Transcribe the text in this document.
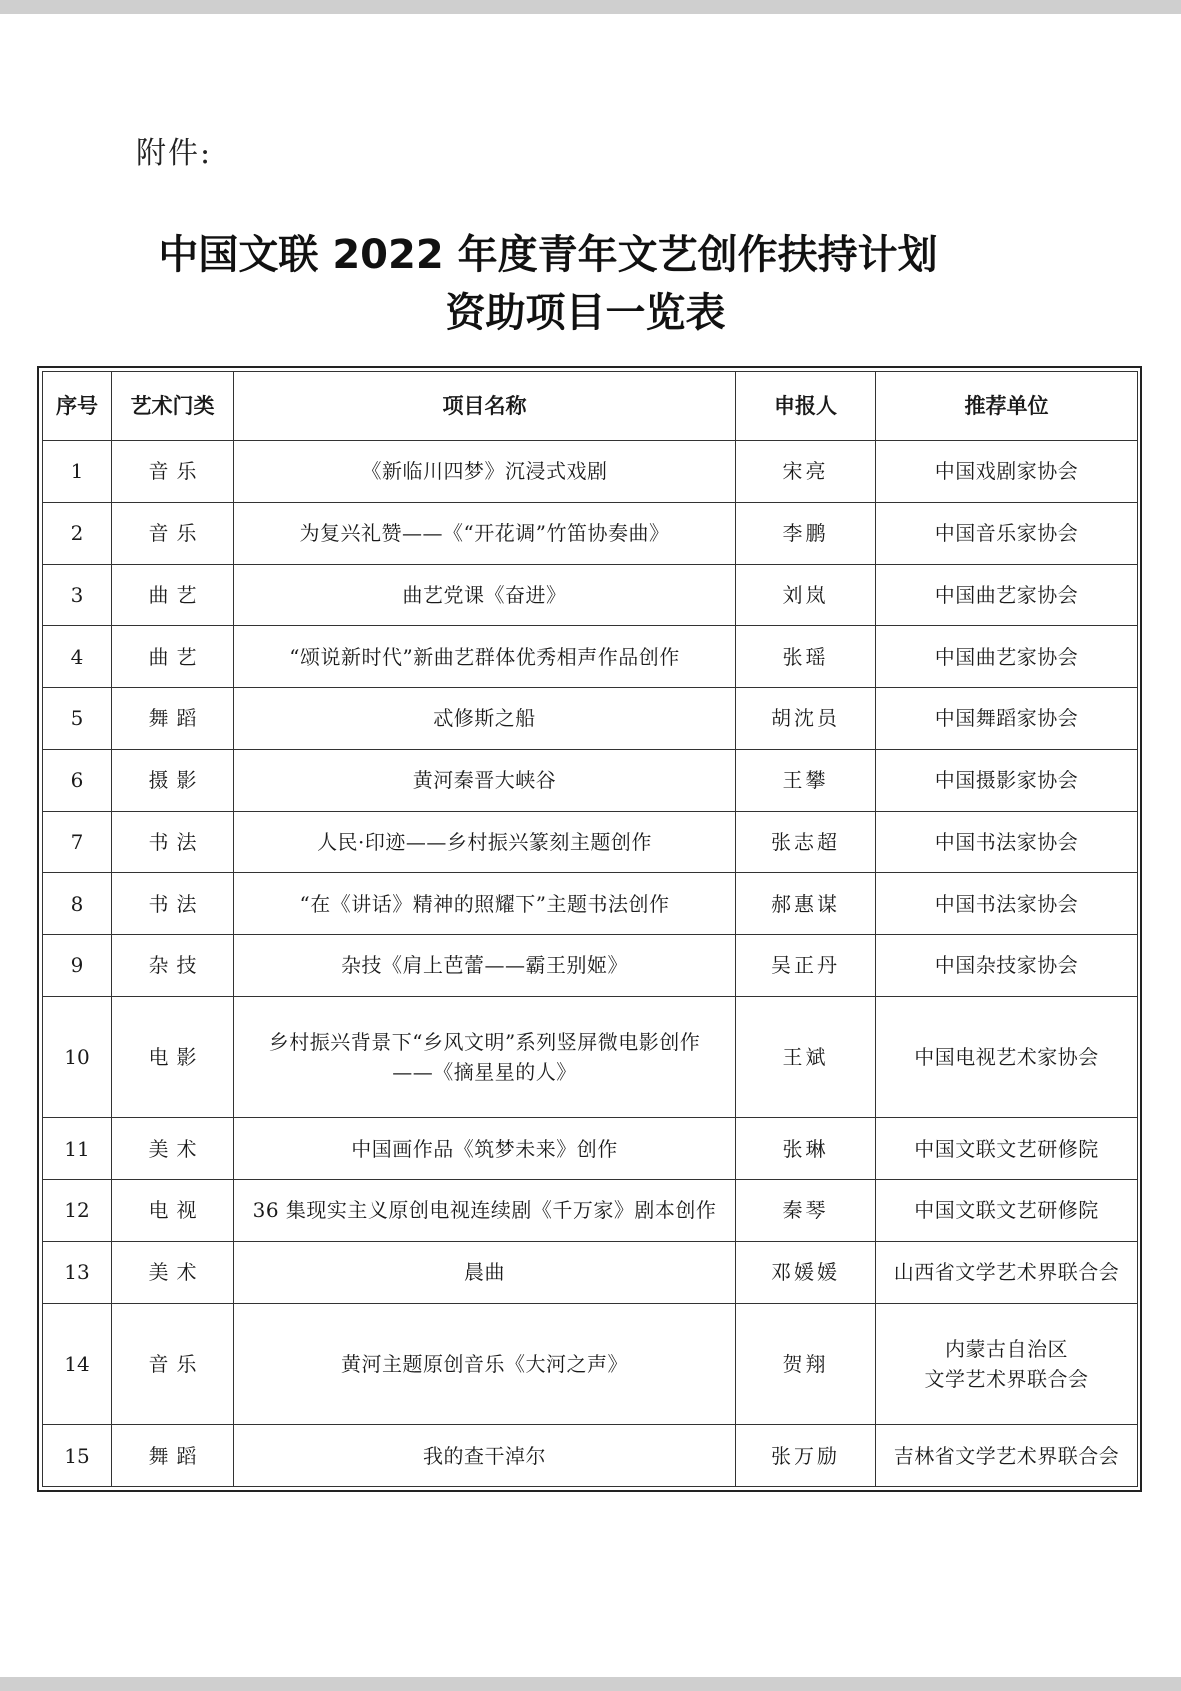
附件:
中国文联 2022 年度青年文艺创作扶持计划
资助项目一览表
序号	艺术门类	项目名称	申报人	推荐单位
1	音乐	《新临川四梦》沉浸式戏剧	宋亮	中国戏剧家协会
2	音乐	为复兴礼赞——《“开花调”竹笛协奏曲》	李鹏	中国音乐家协会
3	曲艺	曲艺党课《奋进》	刘岚	中国曲艺家协会
4	曲艺	“颂说新时代”新曲艺群体优秀相声作品创作	张瑶	中国曲艺家协会
5	舞蹈	忒修斯之船	胡沈员	中国舞蹈家协会
6	摄影	黄河秦晋大峡谷	王攀	中国摄影家协会
7	书法	人民·印迹——乡村振兴篆刻主题创作	张志超	中国书法家协会
8	书法	“在《讲话》精神的照耀下”主题书法创作	郝惠谋	中国书法家协会
9	杂技	杂技《肩上芭蕾——霸王别姬》	吴正丹	中国杂技家协会
10	电影	乡村振兴背景下“乡风文明”系列竖屏微电影创作
——《摘星星的人》	王斌	中国电视艺术家协会
11	美术	中国画作品《筑梦未来》创作	张琳	中国文联文艺研修院
12	电视	36 集现实主义原创电视连续剧《千万家》剧本创作	秦琴	中国文联文艺研修院
13	美术	晨曲	邓媛媛	山西省文学艺术界联合会
14	音乐	黄河主题原创音乐《大河之声》	贺翔	内蒙古自治区
文学艺术界联合会

15	舞蹈	我的查干淖尔	张万励	吉林省文学艺术界联合会
